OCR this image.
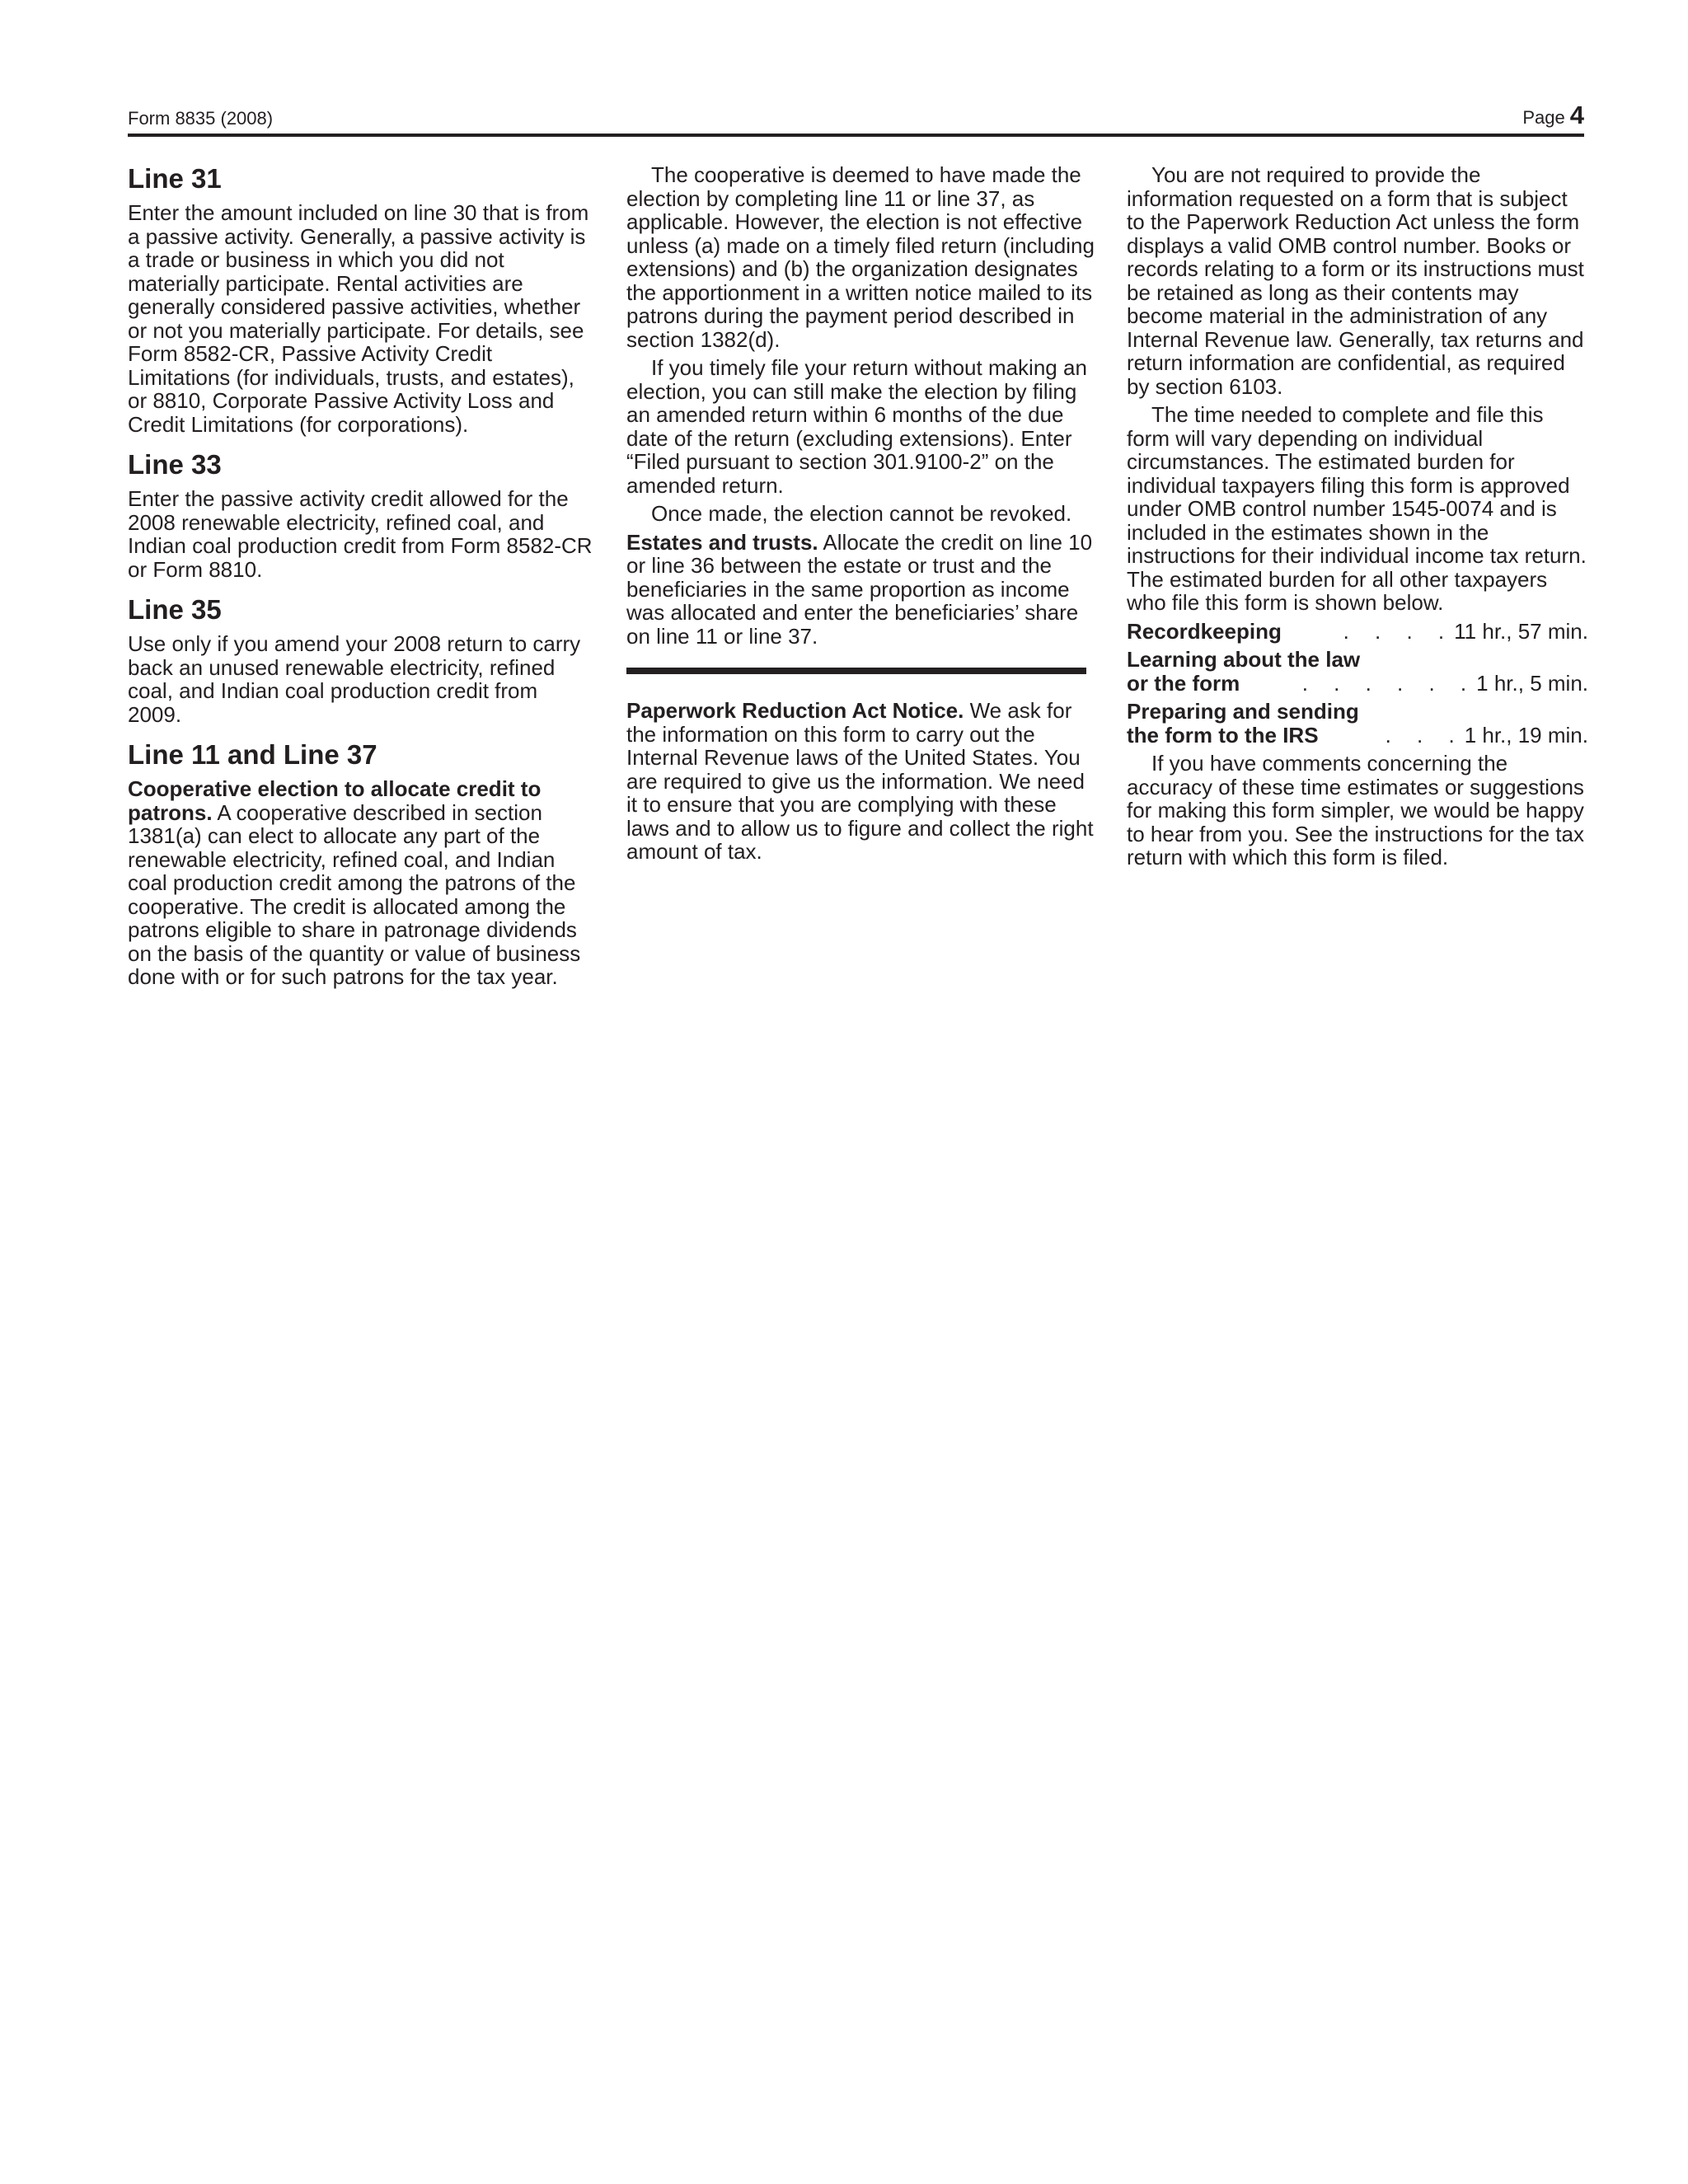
Form 8835 (2008)	Page 4
Line 31

Enter the amount included on line 30 that is from a passive activity. Generally, a passive activity is a trade or business in which you did not materially participate. Rental activities are generally considered passive activities, whether or not you materially participate. For details, see Form 8582-CR, Passive Activity Credit Limitations (for individuals, trusts, and estates), or 8810, Corporate Passive Activity Loss and Credit Limitations (for corporations).

Line 33

Enter the passive activity credit allowed for the 2008 renewable electricity, refined coal, and Indian coal production credit from Form 8582-CR or Form 8810.

Line 35

Use only if you amend your 2008 return to carry back an unused renewable electricity, refined coal, and Indian coal production credit from 2009.

Line 11 and Line 37

Cooperative election to allocate credit to patrons. A cooperative described in section 1381(a) can elect to allocate any part of the renewable electricity, refined coal, and Indian coal production credit among the patrons of the cooperative. The credit is allocated among the patrons eligible to share in patronage dividends on the basis of the quantity or value of business done with or for such patrons for the tax year.

The cooperative is deemed to have made the election by completing line 11 or line 37, as applicable. However, the election is not effective unless (a) made on a timely filed return (including extensions) and (b) the organization designates the apportionment in a written notice mailed to its patrons during the payment period described in section 1382(d).

If you timely file your return without making an election, you can still make the election by filing an amended return within 6 months of the due date of the return (excluding extensions). Enter “Filed pursuant to section 301.9100-2” on the amended return.

Once made, the election cannot be revoked.

Estates and trusts. Allocate the credit on line 10 or line 36 between the estate or trust and the beneficiaries in the same proportion as income was allocated and enter the beneficiaries’ share on line 11 or line 37.

Paperwork Reduction Act Notice. We ask for the information on this form to carry out the Internal Revenue laws of the United States. You are required to give us the information. We need it to ensure that you are complying with these laws and to allow us to figure and collect the right amount of tax.

You are not required to provide the information requested on a form that is subject to the Paperwork Reduction Act unless the form displays a valid OMB control number. Books or records relating to a form or its instructions must be retained as long as their contents may become material in the administration of any Internal Revenue law. Generally, tax returns and return information are confidential, as required by section 6103.

The time needed to complete and file this form will vary depending on individual circumstances. The estimated burden for individual taxpayers filing this form is approved under OMB control number 1545-0074 and is included in the estimates shown in the instructions for their individual income tax return. The estimated burden for all other taxpayers who file this form is shown below.

Recordkeeping	. . . .11 hr., 57 min.
Learning about the law
or the form	. . . . . .1 hr., 5 min.
Preparing and sending
the form to the IRS	. . .1 hr., 19 min.

If you have comments concerning the accuracy of these time estimates or suggestions for making this form simpler, we would be happy to hear from you. See the instructions for the tax return with which this form is filed.
